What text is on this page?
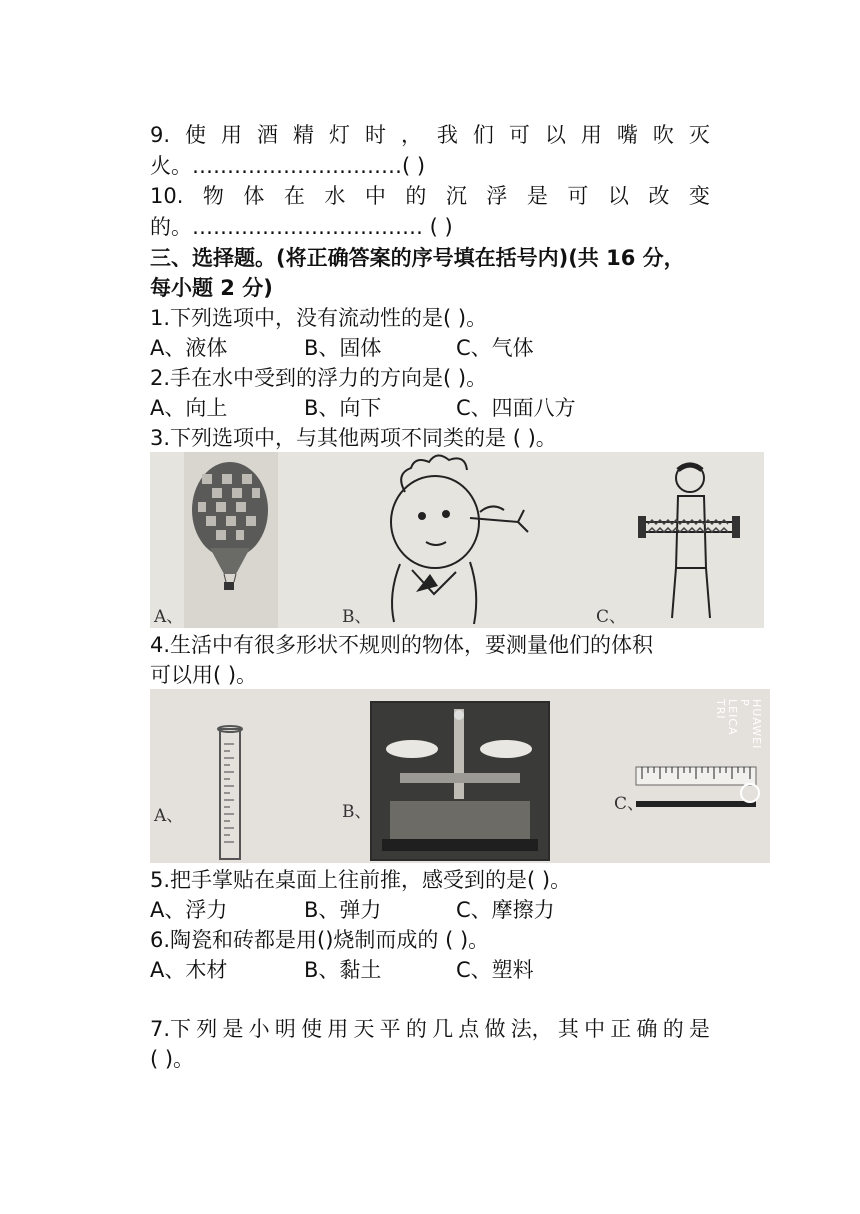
9. 使 用 酒 精 灯 时 ， 我 们 可 以 用 嘴 吹 灭
火。…………………………( )
10. 物 体 在 水 中 的 沉 浮 是 可 以 改 变
的。…………………………… ( )
三、选择题。(将正确答案的序号填在括号内)(共 16 分，
每小题 2 分)
1.下列选项中，没有流动性的是( )。
A、液体	B、固体	C、气体
2.手在水中受到的浮力的方向是( )。
A、向上	B、向下	C、四面八方
3.下列选项中，与其他两项不同类的是 ( )。
A、	B、	C、
4.生活中有很多形状不规则的物体，要测量他们的体积
可以用( )。
A、	B、	C、
HUAWEI P
LEICA TRI
5.把手掌贴在桌面上往前推，感受到的是( )。
A、浮力	B、弹力	C、摩擦力
6.陶瓷和砖都是用()烧制而成的 ( )。
A、木材	B、黏土	C、塑料
7.下 列 是 小 明 使 用 天 平 的 几 点 做 法， 其 中 正 确 的 是
( )。
